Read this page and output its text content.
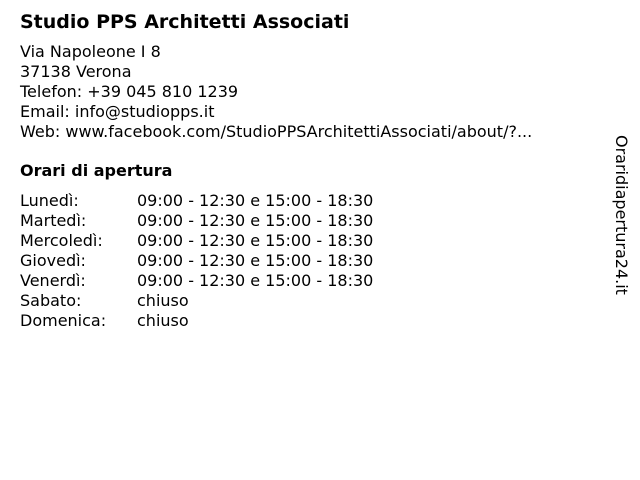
Studio PPS Architetti Associati
Via Napoleone I 8
37138 Verona
Telefon: +39 045 810 1239
Email: info@studiopps.it
Web: www.facebook.com/StudioPPSArchitettiAssociati/about/?...
Orari di apertura
Lunedì:	09:00 - 12:30 e 15:00 - 18:30
Martedì:	09:00 - 12:30 e 15:00 - 18:30
Mercoledì:	09:00 - 12:30 e 15:00 - 18:30
Giovedì:	09:00 - 12:30 e 15:00 - 18:30
Venerdì:	09:00 - 12:30 e 15:00 - 18:30
Sabato:	chiuso
Domenica:	chiuso
Oraridiapertura24.it
